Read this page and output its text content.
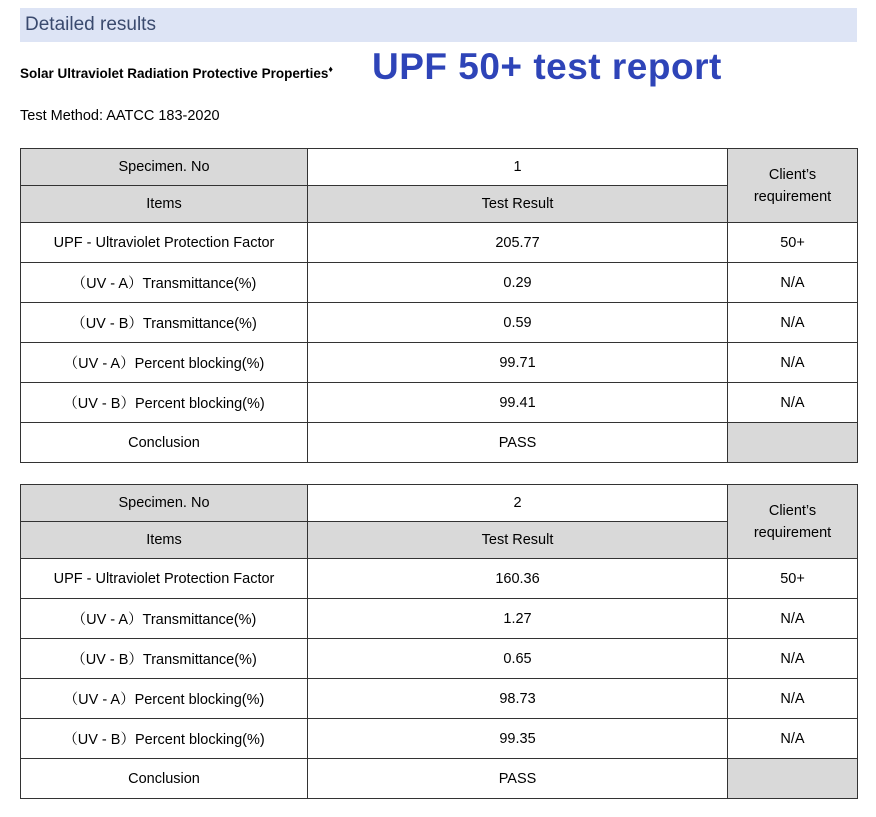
Detailed results
Solar Ultraviolet Radiation Protective Properties♦ UPF 50+ test report
Test Method: AATCC 183-2020
Specimen. No	1	Client’s
requirement
Items	Test Result	
UPF - Ultraviolet Protection Factor	205.77	50+
（UV - A）Transmittance(%)	0.29	N/A
（UV - B）Transmittance(%)	0.59	N/A
（UV - A）Percent blocking(%)	99.71	N/A
（UV - B）Percent blocking(%)	99.41	N/A
Conclusion	PASS	
Specimen. No	2	Client’s
requirement
Items	Test Result	
UPF - Ultraviolet Protection Factor	160.36	50+
（UV - A）Transmittance(%)	1.27	N/A
（UV - B）Transmittance(%)	0.65	N/A
（UV - A）Percent blocking(%)	98.73	N/A
（UV - B）Percent blocking(%)	99.35	N/A
Conclusion	PASS	
